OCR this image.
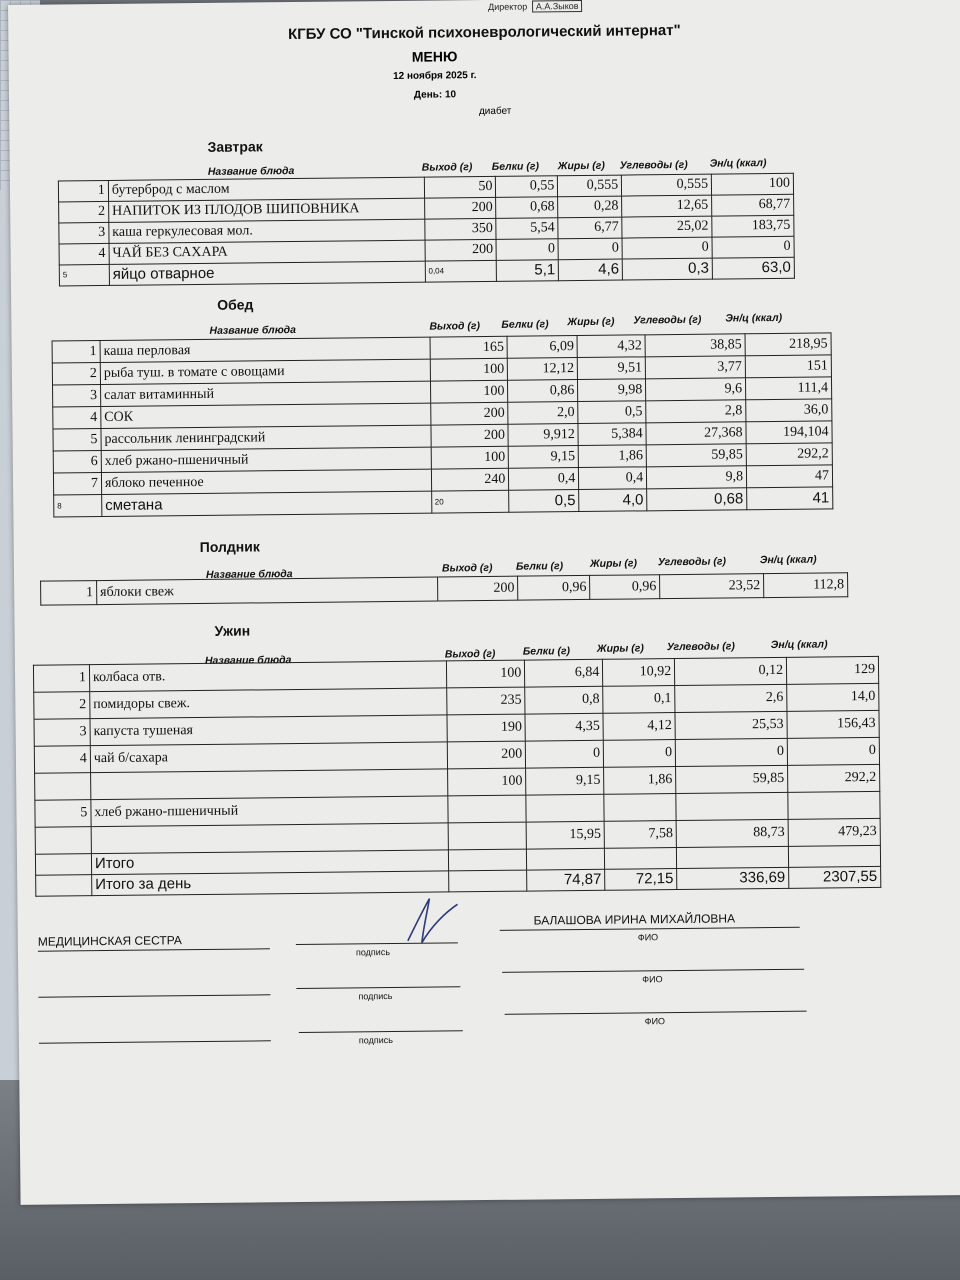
Директор А.А.Зыков
КГБУ СО "Тинской психоневрологический интернат"
МЕНЮ
12 ноября 2025 г.
День: 10
диабет
Завтрак
Название блюда	Выход (г) Белки (г) Жиры (г) Углеводы (г) Эн/ц (ккал)
1	бутерброд с маслом	50	0,55	0,555	0,555	100
2	НАПИТОК ИЗ ПЛОДОВ ШИПОВНИКА	200	0,68	0,28	12,65	68,77
3	каша геркулесовая мол.	350	5,54	6,77	25,02	183,75
4	ЧАЙ БЕЗ САХАРА	200	0	0	0	0
5	яйцо отварное	0,04	5,1	4,6	0,3	63,0
Обед
Название блюда	Выход (г) Белки (г) Жиры (г) Углеводы (г) Эн/ц (ккал)
1	каша перловая	165	6,09	4,32	38,85	218,95
2	рыба туш. в томате с овощами	100	12,12	9,51	3,77	151
3	салат витаминный	100	0,86	9,98	9,6	111,4
4	СОК	200	2,0	0,5	2,8	36,0
5	рассольник ленинградский	200	9,912	5,384	27,368	194,104
6	хлеб ржано-пшеничный	100	9,15	1,86	59,85	292,2
7	яблоко печенное	240	0,4	0,4	9,8	47
8	сметана	20	0,5	4,0	0,68	41
Полдник
Название блюда	Выход (г) Белки (г)	Жиры (г) Углеводы (г)	Эн/ц (ккал)
1	яблоки свеж	200	0,96	0,96	23,52	112,8
Ужин
Название блюда	Выход (г)	Белки (г)	Жиры (г) Углеводы (г)	Эн/ц (ккал)
1	колбаса отв.	100	6,84	10,92	0,12	129
2	помидоры свеж.	235	0,8	0,1	2,6	14,0
3	капуста тушеная	190	4,35	4,12	25,53	156,43
4	чай б/сахара	200	0	0	0	0
		100	9,15	1,86	59,85	292,2
5	хлеб ржано-пшеничный					
			15,95	7,58	88,73	479,23
	Итого					
	Итого за день		74,87	72,15	336,69	2307,55
МЕДИЦИНСКАЯ СЕСТРА
подпись
БАЛАШОВА ИРИНА МИХАЙЛОВНА
ФИО
подпись
ФИО
подпись
ФИО
